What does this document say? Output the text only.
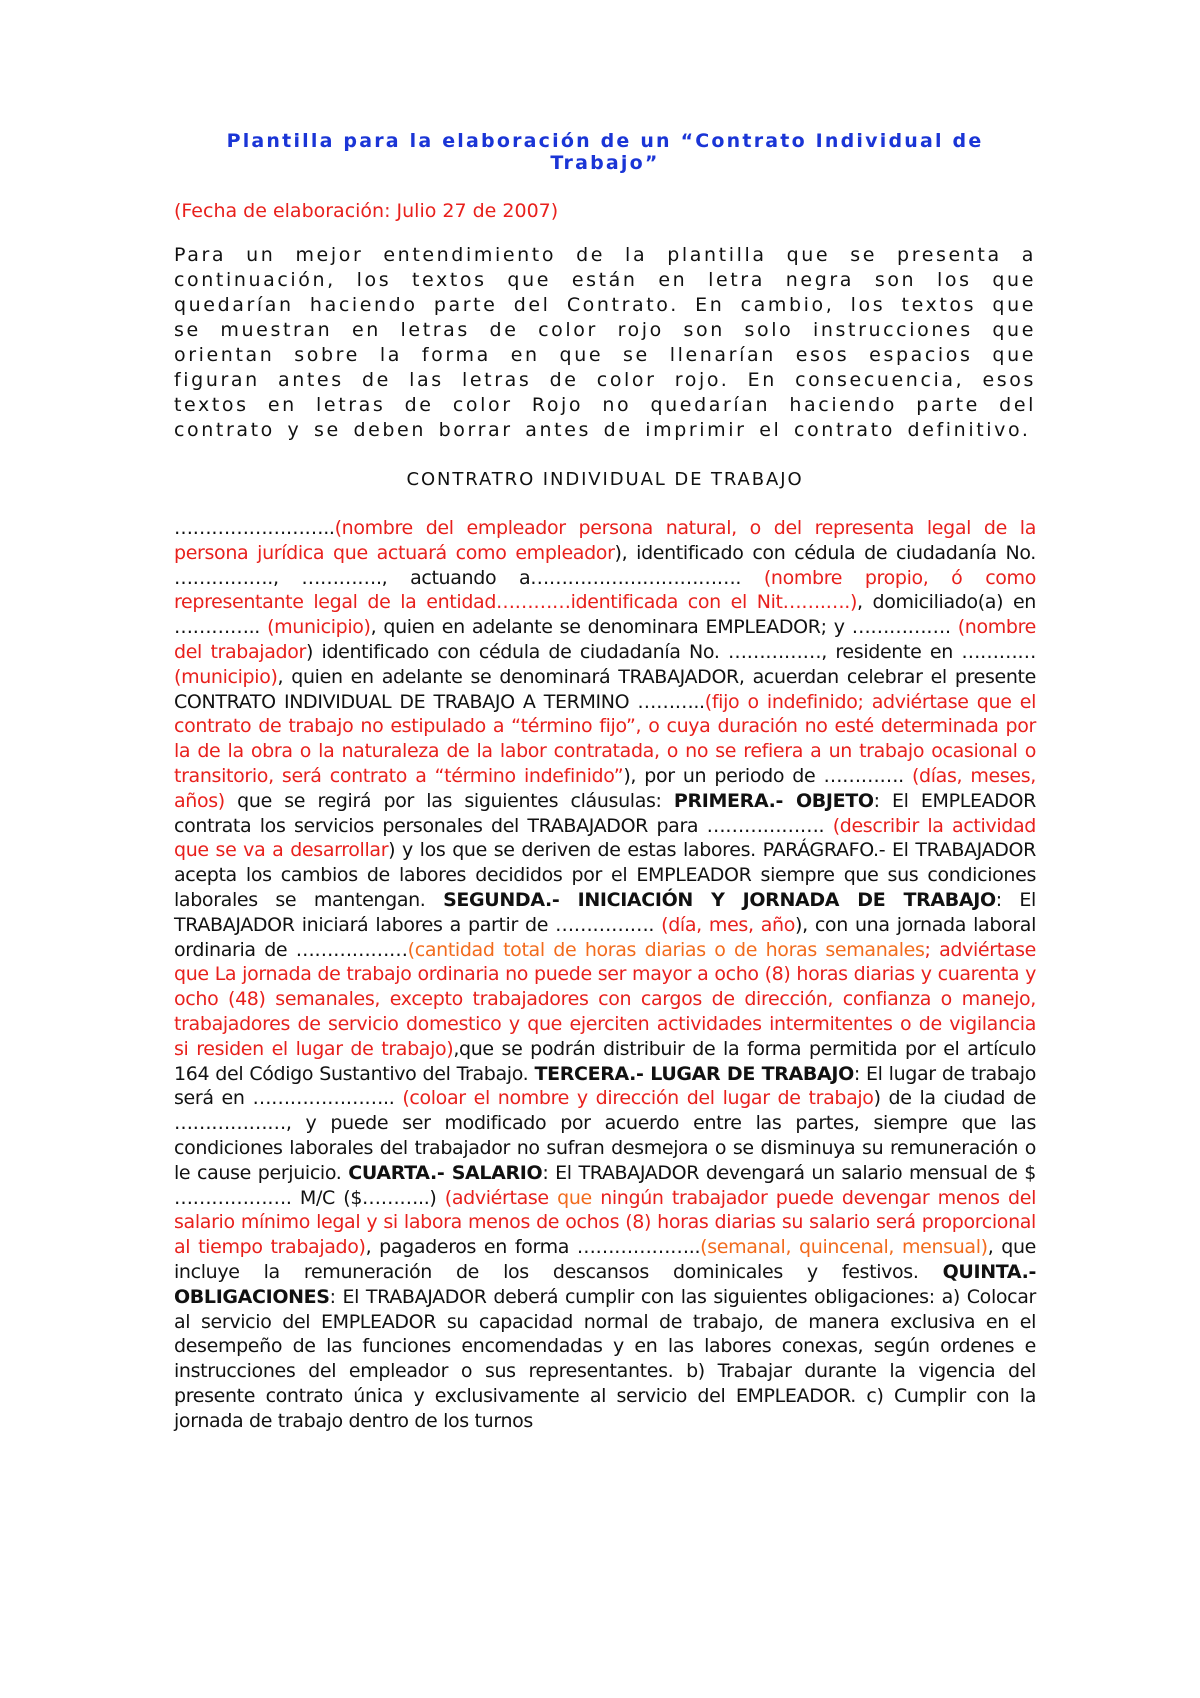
Plantilla para la elaboración de un “Contrato Individual de Trabajo”

(Fecha de elaboración: Julio 27 de 2007)

Para un mejor entendimiento de la plantilla que se presenta a continuación, los textos que están en letra negra son los que quedarían haciendo parte del Contrato. En cambio, los textos que se muestran en letras de color rojo son solo instrucciones que orientan sobre la forma en que se llenarían esos espacios que figuran antes de las letras de color rojo. En consecuencia, esos textos en letras de color Rojo no quedarían haciendo parte del contrato y se deben borrar antes de imprimir el contrato definitivo.

CONTRATRO INDIVIDUAL DE TRABAJO

……………………..(nombre del empleador persona natural, o del representa legal de la persona jurídica que actuará como empleador), identificado con cédula de ciudadanía No. ……………., …………., actuando a……………………………. (nombre propio, ó como representante legal de la entidad…………identificada con el Nit…….….), domiciliado(a) en ………….. (municipio), quien en adelante se denominara EMPLEADOR; y ……………. (nombre del trabajador) identificado con cédula de ciudadanía No. ……………, residente en ………… (municipio), quien en adelante se denominará TRABAJADOR, acuerdan celebrar el presente CONTRATO INDIVIDUAL DE TRABAJO A TERMINO ………..(fijo o indefinido; adviértase que el contrato de trabajo no estipulado a “término fijo”, o cuya duración no esté determinada por la de la obra o la naturaleza de la labor contratada, o no se refiera a un trabajo ocasional o transitorio, será contrato a “término indefinido”), por un periodo de …………. (días, meses, años) que se regirá por las siguientes cláusulas: PRIMERA.- OBJETO: El EMPLEADOR contrata los servicios personales del TRABAJADOR para ………………. (describir la actividad que se va a desarrollar) y los que se deriven de estas labores. PARÁGRAFO.- El TRABAJADOR acepta los cambios de labores decididos por el EMPLEADOR siempre que sus condiciones laborales se mantengan. SEGUNDA.- INICIACIÓN Y JORNADA DE TRABAJO: El TRABAJADOR iniciará labores a partir de ……………. (día, mes, año), con una jornada laboral ordinaria de ………………(cantidad total de horas diarias o de horas semanales; adviértase que La jornada de trabajo ordinaria no puede ser mayor a ocho (8) horas diarias y cuarenta y ocho (48) semanales, excepto trabajadores con cargos de dirección, confianza o manejo, trabajadores de servicio domestico y que ejerciten actividades intermitentes o de vigilancia si residen el lugar de trabajo),que se podrán distribuir de la forma permitida por el artículo 164 del Código Sustantivo del Trabajo. TERCERA.- LUGAR DE TRABAJO: El lugar de trabajo será en ………………….. (coloar el nombre y dirección del lugar de trabajo) de la ciudad de ………………, y puede ser modificado por acuerdo entre las partes, siempre que las condiciones laborales del trabajador no sufran desmejora o se disminuya su remuneración o le cause perjuicio. CUARTA.- SALARIO: El TRABAJADOR devengará un salario mensual de $ ………………. M/C ($………..) (adviértase que ningún trabajador puede devengar menos del salario mínimo legal y si labora menos de ochos (8) horas diarias su salario será proporcional al tiempo trabajado), pagaderos en forma ………………..(semanal, quincenal, mensual), que incluye la remuneración de los descansos dominicales y festivos. QUINTA.- OBLIGACIONES: El TRABAJADOR deberá cumplir con las siguientes obligaciones: a) Colocar al servicio del EMPLEADOR su capacidad normal de trabajo, de manera exclusiva en el desempeño de las funciones encomendadas y en las labores conexas, según ordenes e instrucciones del empleador o sus representantes. b) Trabajar durante la vigencia del presente contrato única y exclusivamente al servicio del EMPLEADOR. c) Cumplir con la jornada de trabajo dentro de los turnos
